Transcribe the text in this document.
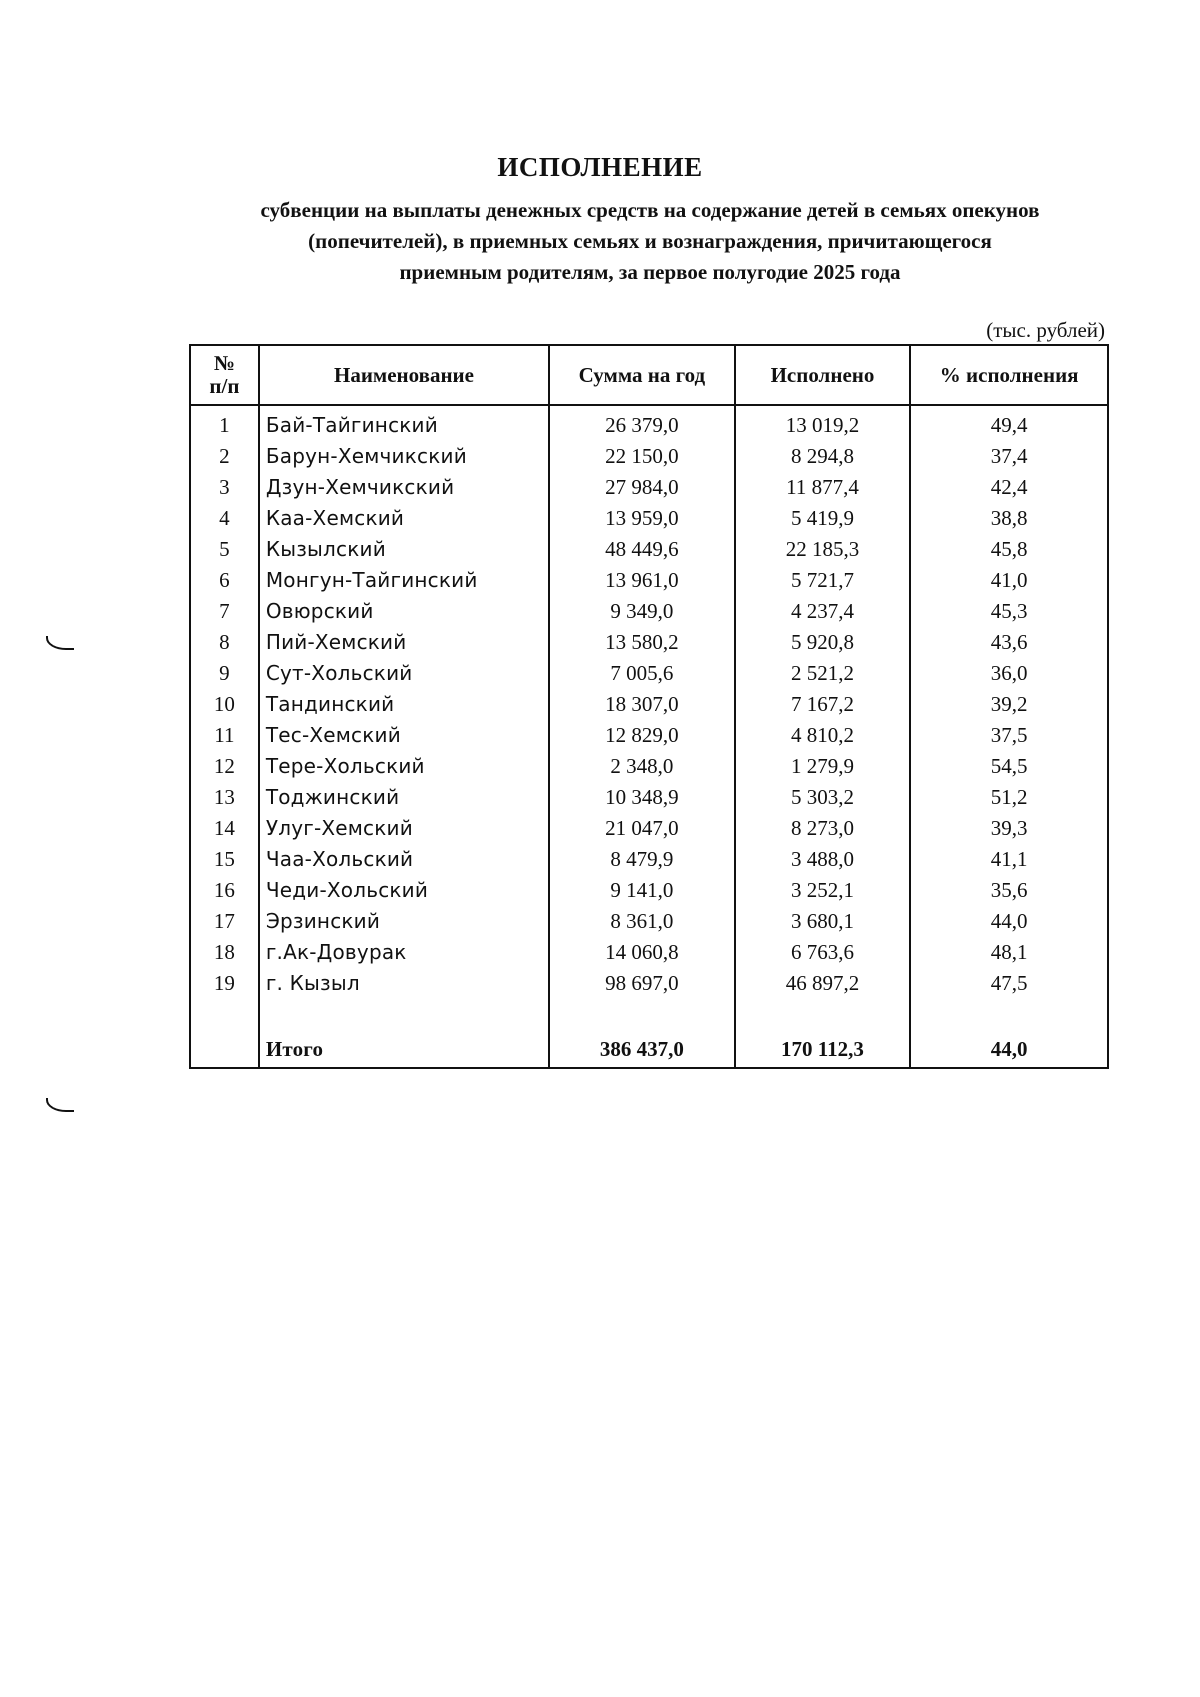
ИСПОЛНЕНИЕ
субвенции на выплаты денежных средств на содержание детей в семьях опекунов
(попечителей), в приемных семьях и вознаграждения, причитающегося
приемным родителям, за первое полугодие 2025 года
(тыс. рублей)
№
п/п	Наименование	Сумма на год	Исполнено	% исполнения
1	Бай-Тайгинский	26 379,0	13 019,2	49,4
2	Барун-Хемчикский	22 150,0	8 294,8	37,4
3	Дзун-Хемчикский	27 984,0	11 877,4	42,4
4	Каа-Хемский	13 959,0	5 419,9	38,8
5	Кызылский	48 449,6	22 185,3	45,8
6	Монгун-Тайгинский	13 961,0	5 721,7	41,0
7	Овюрский	9 349,0	4 237,4	45,3
8	Пий-Хемский	13 580,2	5 920,8	43,6
9	Сут-Хольский	7 005,6	2 521,2	36,0
10	Тандинский	18 307,0	7 167,2	39,2
11	Тес-Хемский	12 829,0	4 810,2	37,5
12	Тере-Хольский	2 348,0	1 279,9	54,5
13	Тоджинский	10 348,9	5 303,2	51,2
14	Улуг-Хемский	21 047,0	8 273,0	39,3
15	Чаа-Хольский	8 479,9	3 488,0	41,1
16	Чеди-Хольский	9 141,0	3 252,1	35,6
17	Эрзинский	8 361,0	3 680,1	44,0
18	г.Ак-Довурак	14 060,8	6 763,6	48,1
19	г. Кызыл	98 697,0	46 897,2	47,5

	Итого	386 437,0	170 112,3	44,0
